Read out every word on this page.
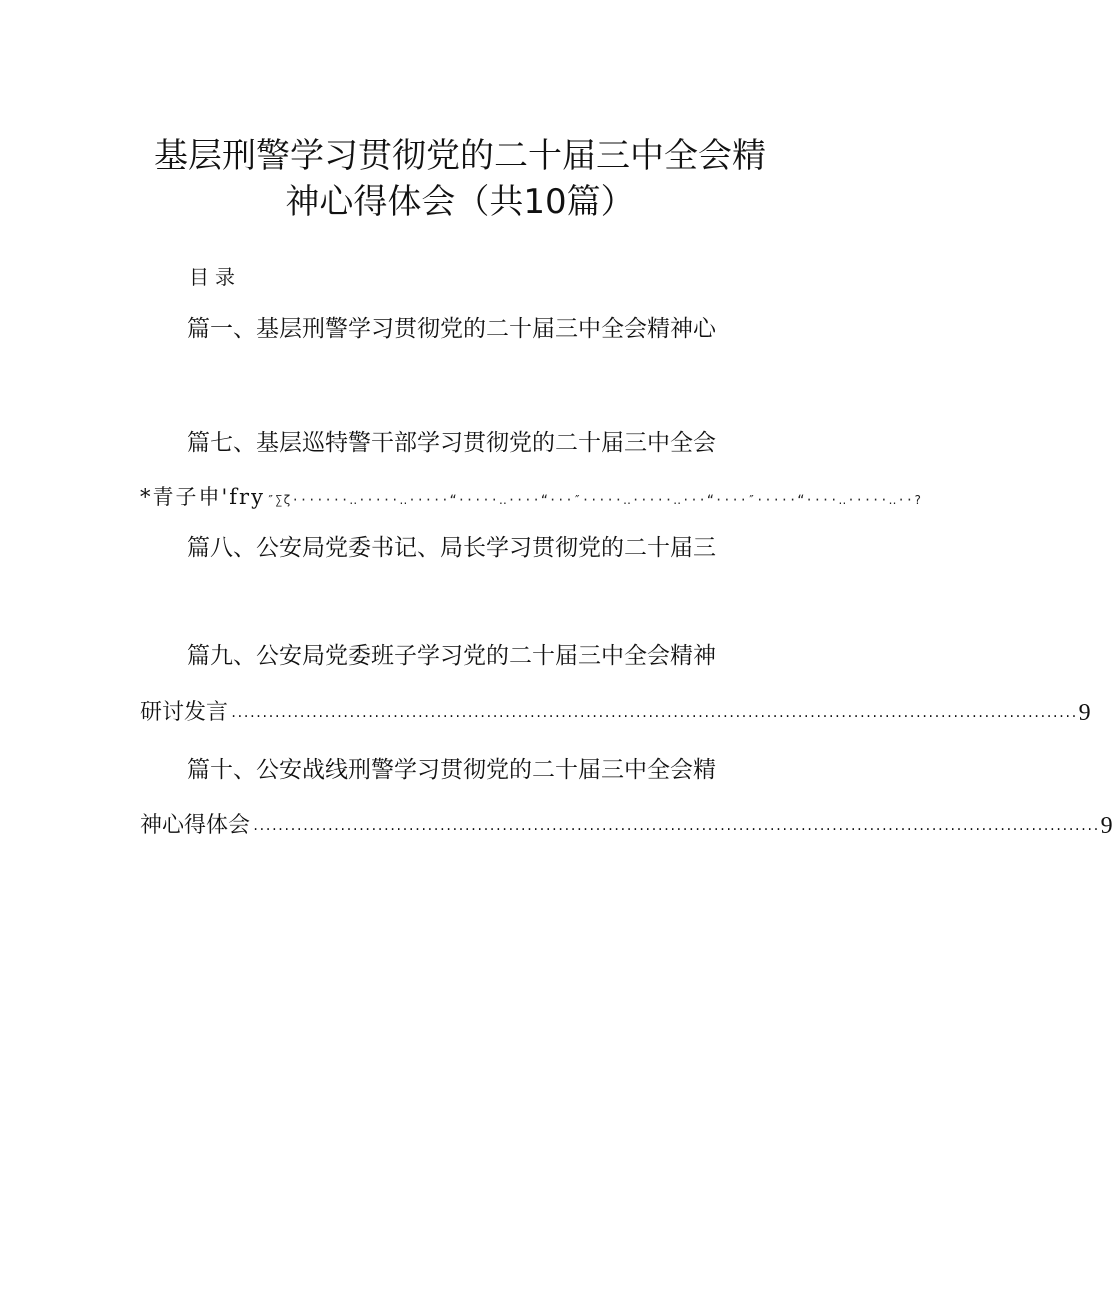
基层刑警学习贯彻党的二十届三中全会精
神心得体会（共10篇）
目录
篇一、基层刑警学习贯彻党的二十届三中全会精神心
篇七、基层巡特警干部学习贯彻党的二十届三中全会
*青子申'fry ″∑ζ·······‥·····‥·····“·····‥····“···″·····‥·····‥···“····″·····“····‥·····‥··?
篇八、公安局党委书记、局长学习贯彻党的二十届三
篇九、公安局党委班子学习党的二十届三中全会精神
研讨发言 ........................................................................................................................................ 9
篇十、公安战线刑警学习贯彻党的二十届三中全会精
神心得体会 ........................................................................................................................................ 9
